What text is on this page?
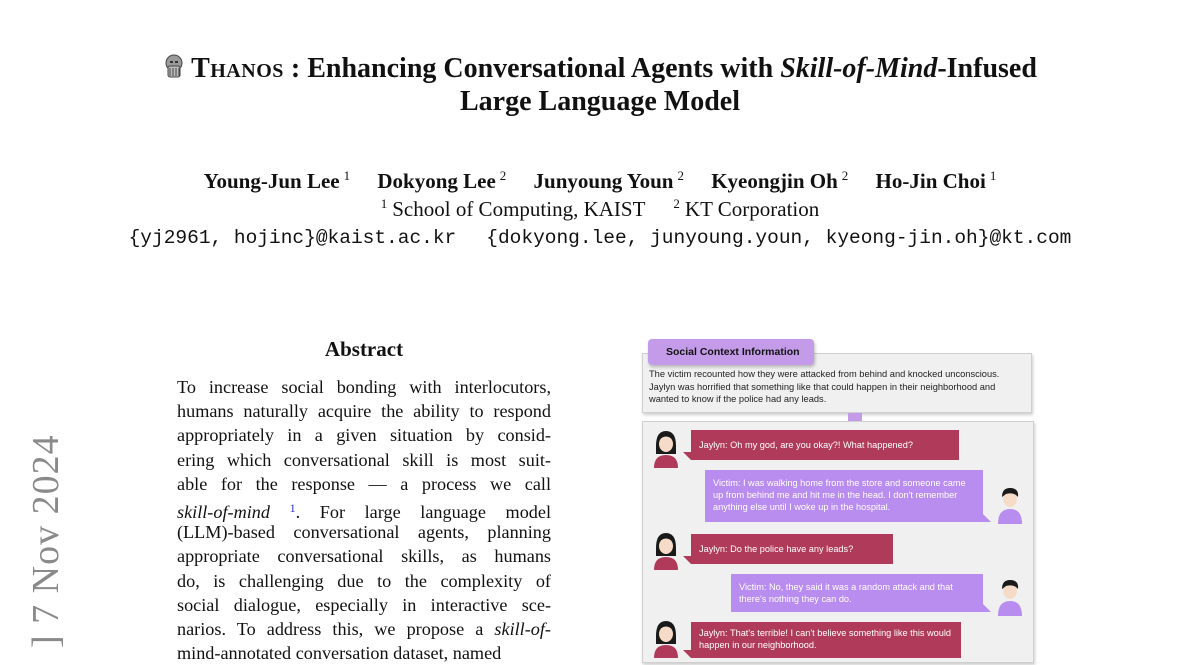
] 7 Nov 2024
Thanos : Enhancing Conversational Agents with Skill-of-Mind-Infused
Large Language Model
Young-Jun Lee $^1$ Dokyong Lee $^2$ Junyoung Youn $^2$ Kyeongjin Oh $^2$ Ho-Jin Choi $^1$
$^1$ School of Computing, KAIST $^2$ KT Corporation
{yj2961, hojinc}@kaist.ac.kr {dokyong.lee, junyoung.youn, kyeong-jin.oh}@kt.com
Abstract
To increase social bonding with interlocutors,
humans naturally acquire the ability to respond
appropriately in a given situation by consid-
ering which conversational skill is most suit-
able for the response — a process we call
skill-of-mind $^1$. For large language model
(LLM)-based conversational agents, planning
appropriate conversational skills, as humans
do, is challenging due to the complexity of
social dialogue, especially in interactive sce-
narios. To address this, we propose a skill-of-
mind-annotated conversation dataset, named
The victim recounted how they were attacked from behind and knocked unconscious. Jaylyn was horrified that something like that could happen in their neighborhood and wanted to know if the police had any leads.
Social Context Information
Jaylyn: Oh my god, are you okay?! What happened?
Victim: I was walking home from the store and someone came up from behind me and hit me in the head. I don't remember anything else until I woke up in the hospital.
Jaylyn: Do the police have any leads?
Victim: No, they said it was a random attack and that there's nothing they can do.
Jaylyn: That's terrible! I can't believe something like this would happen in our neighborhood.
